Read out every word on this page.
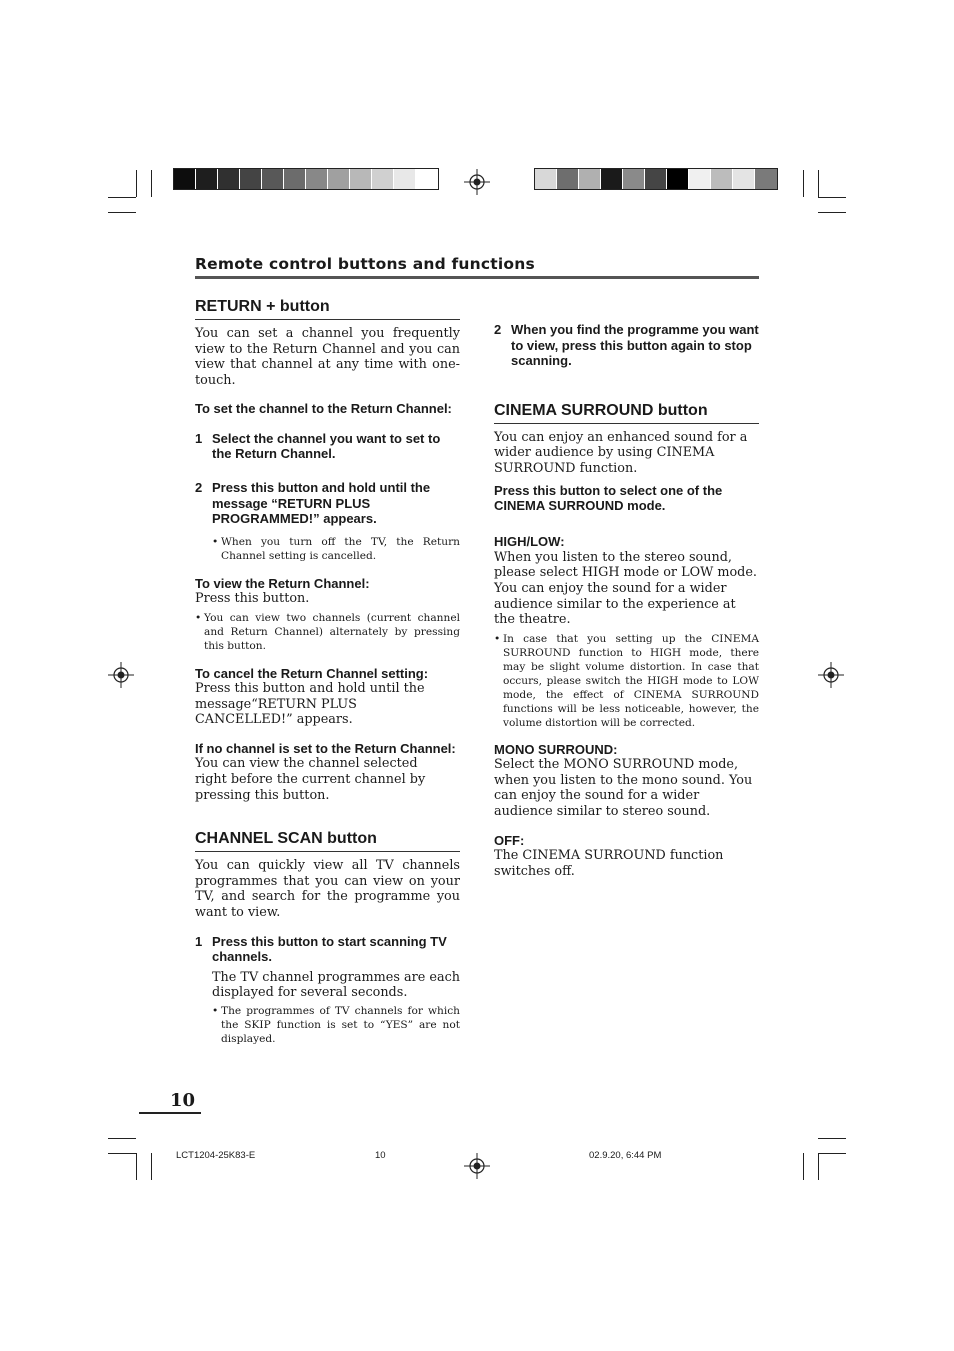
Remote control buttons and functions
RETURN + button

You can set a channel you frequently view to the Return Channel and you can view that channel at any time with one-touch.

To set the channel to the Return Channel:

1 Select the channel you want to set to the Return Channel.
2 Press this button and hold until the message “RETURN PLUS PROGRAMMED!” appears.
• When you turn off the TV, the Return Channel setting is cancelled.

To view the Return Channel:

Press this button.

• You can view two channels (current channel and Return Channel) alternately by pressing this button.

To cancel the Return Channel setting:

Press this button and hold until the message“RETURN PLUS CANCELLED!” appears.

If no channel is set to the Return Channel:

You can view the channel selected right before the current channel by pressing this button.

CHANNEL SCAN button

You can quickly view all TV channels programmes that you can view on your TV, and search for the programme you want to view.

1 Press this button to start scanning TV channels.

The TV channel programmes are each displayed for several seconds.

• The programmes of TV channels for which the SKIP function is set to “YES” are not displayed.
2 When you find the programme you want to view, press this button again to stop scanning.
CINEMA SURROUND button

You can enjoy an enhanced sound for a wider audience by using CINEMA SURROUND function.

Press this button to select one of the CINEMA SURROUND mode.

HIGH/LOW:

When you listen to the stereo sound, please select HIGH mode or LOW mode. You can enjoy the sound for a wider audience similar to the experience at the theatre.

• In case that you setting up the CINEMA SURROUND function to HIGH mode, there may be slight volume distortion. In case that occurs, please switch the HIGH mode to LOW mode, the effect of CINEMA SURROUND functions will be less noticeable, however, the volume distortion will be corrected.

MONO SURROUND:

Select the MONO SURROUND mode, when you listen to the mono sound. You can enjoy the sound for a wider audience similar to stereo sound.

OFF:

The CINEMA SURROUND function switches off.

10
LCT1204-25K83-E	10	02.9.20, 6:44 PM
